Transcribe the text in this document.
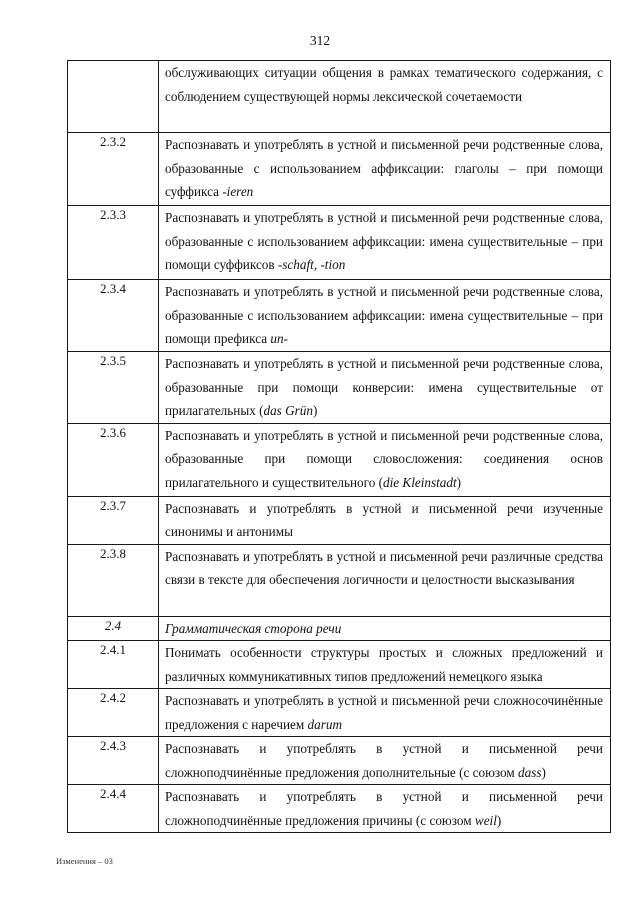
312
	обслуживающих ситуации общения в рамках тематического содержания, с соблюдением существующей нормы лексической сочетаемости
2.3.2	Распознавать и употреблять в устной и письменной речи родственные слова, образованные с использованием аффиксации: глаголы – при помощи суффикса -ieren
2.3.3	Распознавать и употреблять в устной и письменной речи родственные слова, образованные с использованием аффиксации: имена существительные – при помощи суффиксов -schaft, -tion
2.3.4	Распознавать и употреблять в устной и письменной речи родственные слова, образованные с использованием аффиксации: имена существительные – при помощи префикса un-
2.3.5	Распознавать и употреблять в устной и письменной речи родственные слова, образованные при помощи конверсии: имена существительные от прилагательных (das Grün)
2.3.6	Распознавать и употреблять в устной и письменной речи родственные слова, образованные при помощи словосложения: соединения основ прилагательного и существительного (die Kleinstadt)
2.3.7	Распознавать и употреблять в устной и письменной речи изученные синонимы и антонимы
2.3.8	Распознавать и употреблять в устной и письменной речи различные средства связи в тексте для обеспечения логичности и целостности высказывания
2.4	Грамматическая сторона речи
2.4.1	Понимать особенности структуры простых и сложных предложений и различных коммуникативных типов предложений немецкого языка
2.4.2	Распознавать и употреблять в устной и письменной речи сложносочинённые предложения с наречием darum
2.4.3	Распознавать и употреблять в устной и письменной речи сложноподчинённые предложения дополнительные (с союзом dass)
2.4.4	Распознавать и употреблять в устной и письменной речи сложноподчинённые предложения причины (с союзом weil)
Изменения – 03
